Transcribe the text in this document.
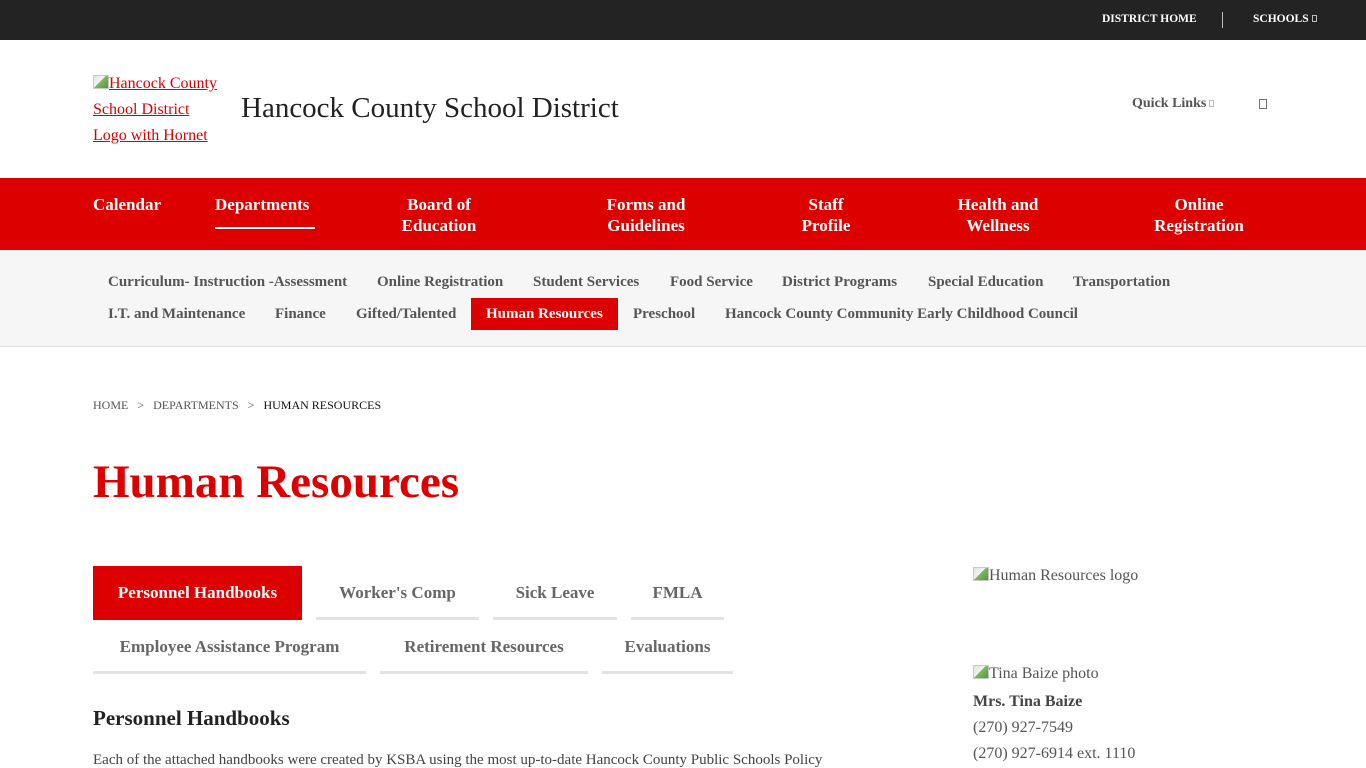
DISTRICT HOME	SCHOOLS
Hancock County
School District
Logo with Hornet
Hancock County School District	Quick Links
Calendar	Departments	Board of
Education
Forms and
Guidelines
Staff
Profile
Health and
Wellness
Online
Registration
Curriculum- Instruction -Assessment	Online Registration	Student Services	Food Service	District Programs	Special Education	Transportation
I.T. and Maintenance	Finance	Gifted/Talented	Human Resources	Preschool	Hancock County Community Early Childhood Council
HOME > DEPARTMENTS > HUMAN RESOURCES
Human Resources
Personnel Handbooks	Worker's Comp	Sick Leave	FMLA
Employee Assistance Program	Retirement Resources	Evaluations
Personnel Handbooks

Each of the attached handbooks were created by KSBA using the most up-to-date Hancock County Public Schools Policy

Human Resources logo
Tina Baize photo
Mrs. Tina Baize
(270) 927-7549
(270) 927-6914 ext. 1110
